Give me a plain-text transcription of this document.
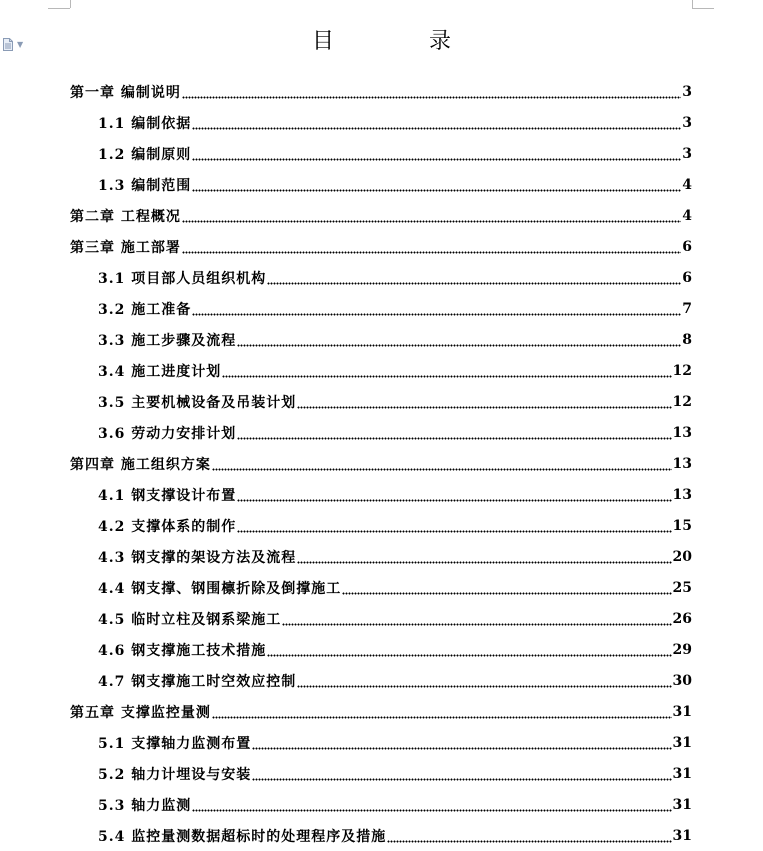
▼	目 录
第一章 编制说明	3
1.1 编制依据	3
1.2 编制原则	3
1.3 编制范围	4
第二章 工程概况	4
第三章 施工部署	6
3.1 项目部人员组织机构	6
3.2 施工准备	7
3.3 施工步骤及流程	8
3.4 施工进度计划	12
3.5 主要机械设备及吊装计划	12
3.6 劳动力安排计划	13
第四章 施工组织方案	13
4.1 钢支撑设计布置	13
4.2 支撑体系的制作	15
4.3 钢支撑的架设方法及流程	20
4.4 钢支撑、钢围檩折除及倒撑施工	25
4.5 临时立柱及钢系梁施工	26
4.6 钢支撑施工技术措施	29
4.7 钢支撑施工时空效应控制	30
第五章 支撑监控量测	31
5.1 支撑轴力监测布置	31
5.2 轴力计埋设与安装	31
5.3 轴力监测	31
5.4 监控量测数据超标时的处理程序及措施	31
